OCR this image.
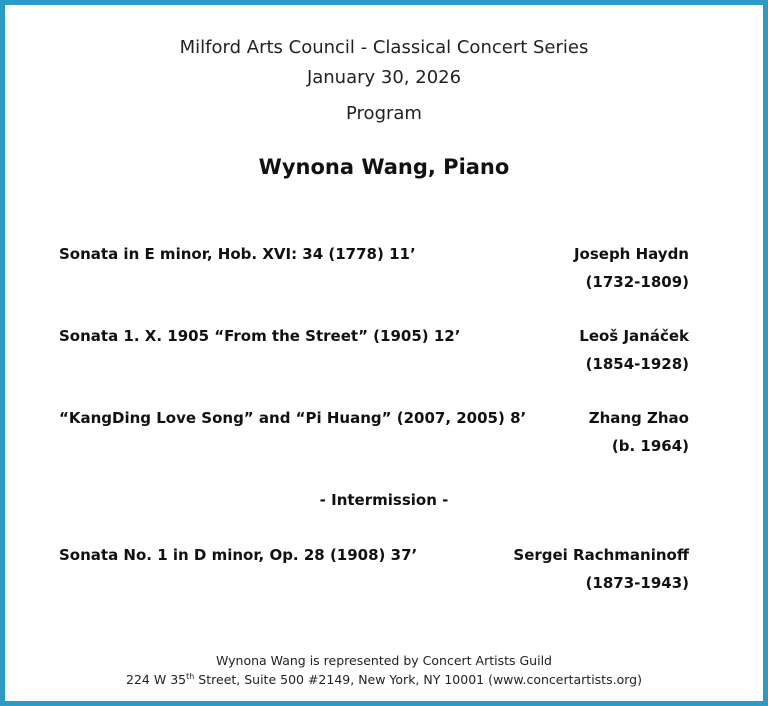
Milford Arts Council - Classical Concert Series
January 30, 2026
Program
Wynona Wang, Piano
Sonata in E minor, Hob. XVI: 34 (1778) 11’	Joseph Haydn
(1732-1809)
Sonata 1. X. 1905 “From the Street” (1905) 12’	Leoš Janáček
(1854-1928)
“KangDing Love Song” and “Pi Huang” (2007, 2005) 8’	Zhang Zhao
(b. 1964)
- Intermission -
Sonata No. 1 in D minor, Op. 28 (1908) 37’	Sergei Rachmaninoff
(1873-1943)
Wynona Wang is represented by Concert Artists Guild
224 W 35th Street, Suite 500 #2149, New York, NY 10001 (www.concertartists.org)
